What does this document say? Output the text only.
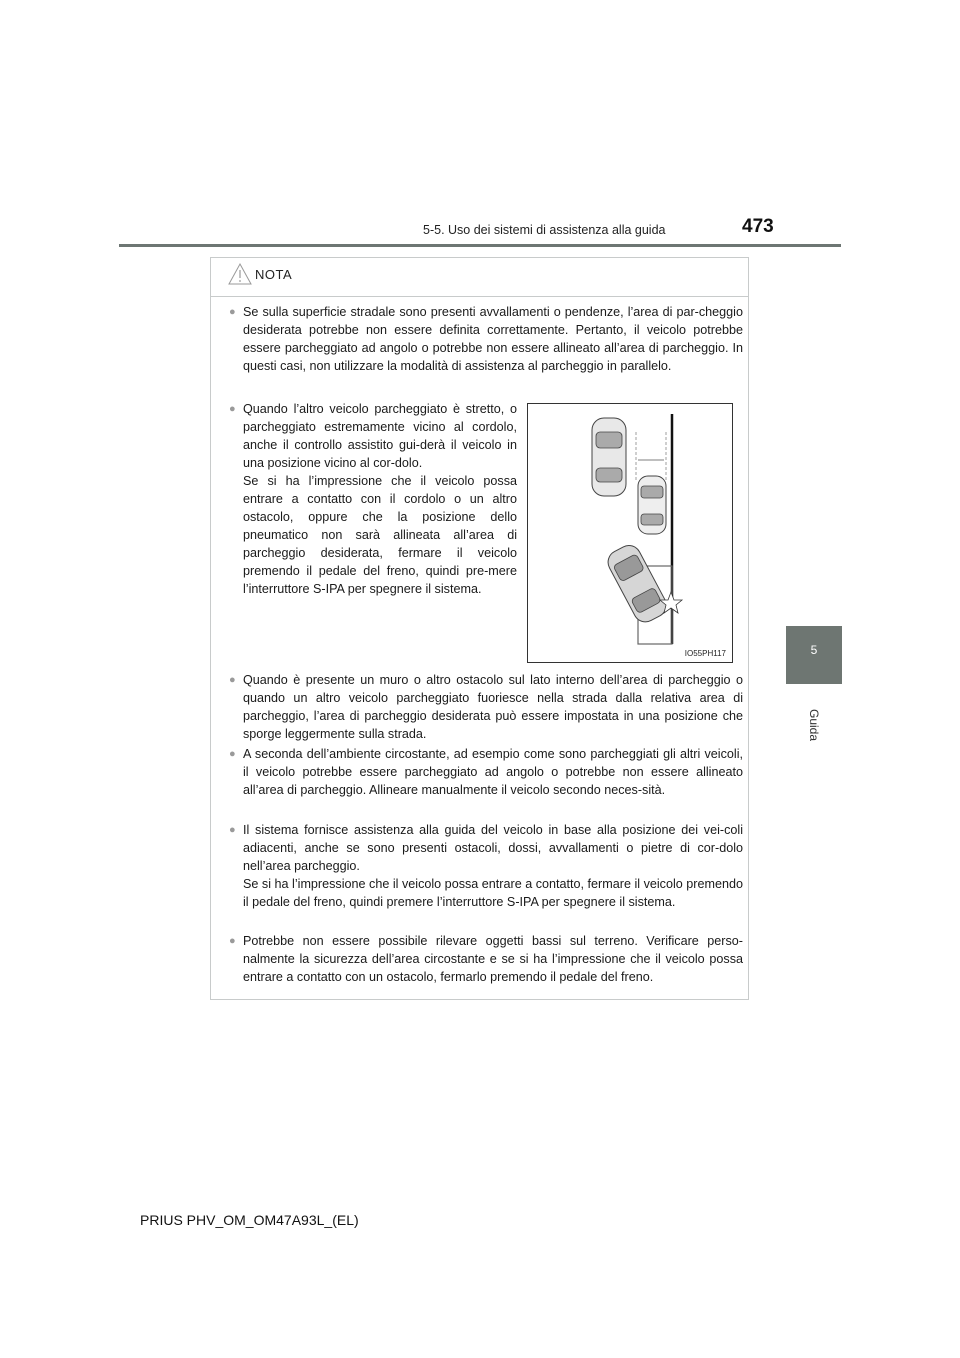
5-5. Uso dei sistemi di assistenza alla guida	473
5
Guida
NOTA
● Se sulla superficie stradale sono presenti avvallamenti o pendenze, l’area di par-cheggio desiderata potrebbe non essere definita correttamente. Pertanto, il veicolo potrebbe essere parcheggiato ad angolo o potrebbe non essere allineato all’area di parcheggio. In questi casi, non utilizzare la modalità di assistenza al parcheggio in parallelo.
● Quando l’altro veicolo parcheggiato è stretto, o parcheggiato estremamente vicino al cordolo, anche il controllo assistito gui-derà il veicolo in una posizione vicino al cor-dolo.
Se si ha l’impressione che il veicolo possa entrare a contatto con il cordolo o un altro ostacolo, oppure che la posizione dello pneumatico non sarà allineata all’area di parcheggio desiderata, fermare il veicolo premendo il pedale del freno, quindi pre-mere l’interruttore S-IPA per spegnere il sistema.
IO55PH117
● Quando è presente un muro o altro ostacolo sul lato interno dell’area di parcheggio o quando un altro veicolo parcheggiato fuoriesce nella strada dalla relativa area di parcheggio, l’area di parcheggio desiderata può essere impostata in una posizione che sporge leggermente sulla strada.
● A seconda dell’ambiente circostante, ad esempio come sono parcheggiati gli altri veicoli, il veicolo potrebbe essere parcheggiato ad angolo o potrebbe non essere allineato all’area di parcheggio. Allineare manualmente il veicolo secondo neces-sità.
● Il sistema fornisce assistenza alla guida del veicolo in base alla posizione dei vei-coli adiacenti, anche se sono presenti ostacoli, dossi, avvallamenti o pietre di cor-dolo nell’area parcheggio.
Se si ha l’impressione che il veicolo possa entrare a contatto, fermare il veicolo premendo il pedale del freno, quindi premere l’interruttore S-IPA per spegnere il sistema.
● Potrebbe non essere possibile rilevare oggetti bassi sul terreno. Verificare perso-nalmente la sicurezza dell’area circostante e se si ha l’impressione che il veicolo possa entrare a contatto con un ostacolo, fermarlo premendo il pedale del freno.
PRIUS PHV_OM_OM47A93L_(EL)
